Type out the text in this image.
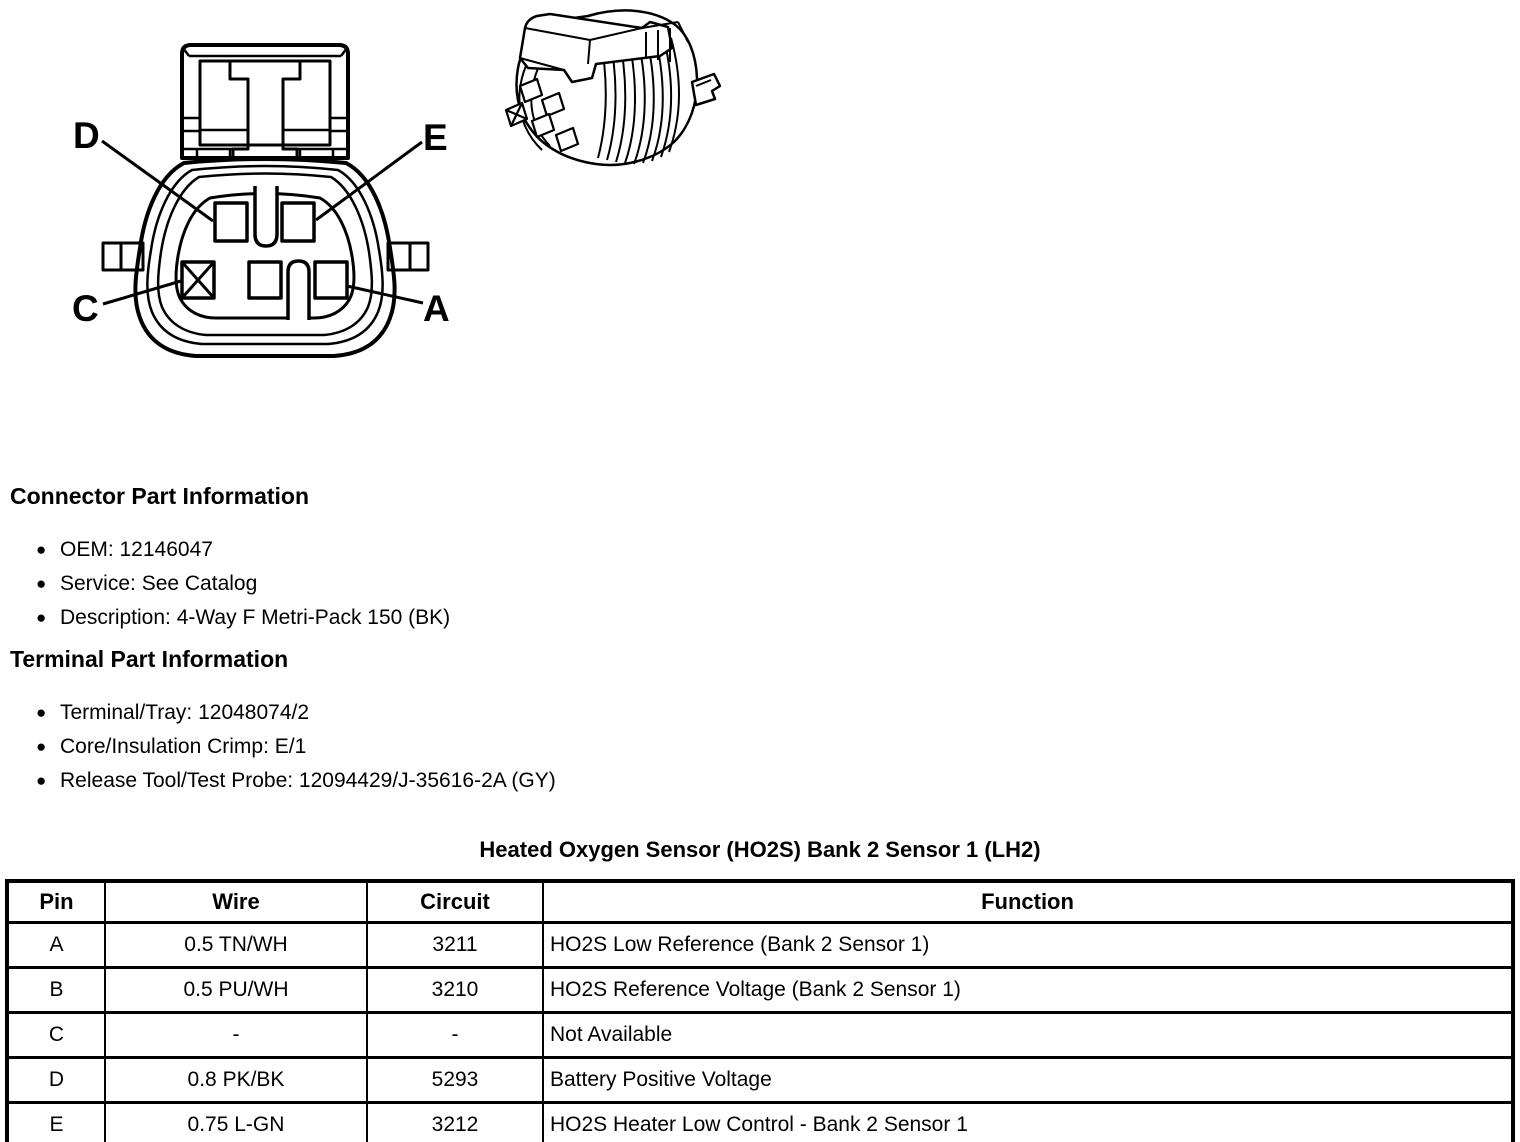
D	E
C	A
Connector Part Information
● OEM: 12146047
● Service: See Catalog
● Description: 4-Way F Metri-Pack 150 (BK)
Terminal Part Information
● Terminal/Tray: 12048074/2
● Core/Insulation Crimp: E/1
● Release Tool/Test Probe: 12094429/J-35616-2A (GY)
Heated Oxygen Sensor (HO2S) Bank 2 Sensor 1 (LH2)
Pin	Wire	Circuit	Function
A	0.5 TN/WH	3211	HO2S Low Reference (Bank 2 Sensor 1)
B	0.5 PU/WH	3210	HO2S Reference Voltage (Bank 2 Sensor 1)
C	-	-	Not Available
D	0.8 PK/BK	5293	Battery Positive Voltage
E	0.75 L-GN	3212	HO2S Heater Low Control - Bank 2 Sensor 1
